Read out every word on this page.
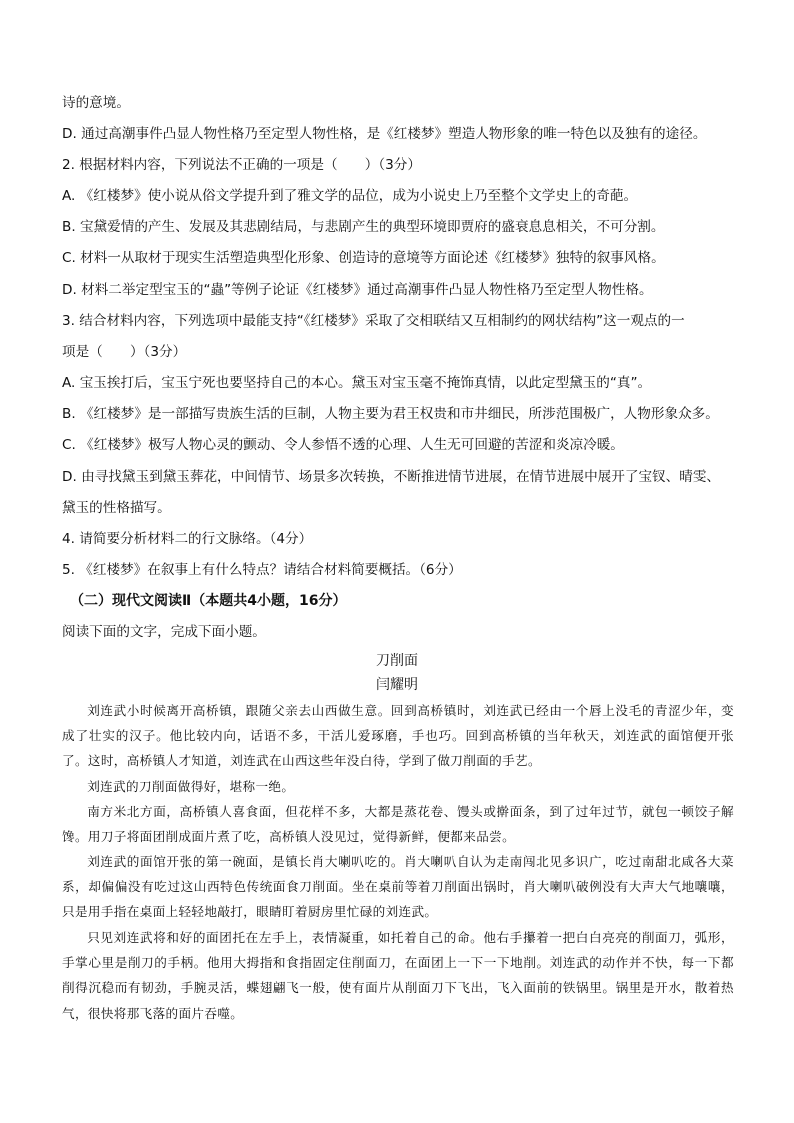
诗的意境。
D. 通过高潮事件凸显人物性格乃至定型人物性格，是《红楼梦》塑造人物形象的唯一特色以及独有的途径。
2. 根据材料内容，下列说法不正确的一项是（　　）（3分）
A. 《红楼梦》使小说从俗文学提升到了雅文学的品位，成为小说史上乃至整个文学史上的奇葩。
B. 宝黛爱情的产生、发展及其悲剧结局，与悲剧产生的典型环境即贾府的盛衰息息相关，不可分割。
C. 材料一从取材于现实生活塑造典型化形象、创造诗的意境等方面论述《红楼梦》独特的叙事风格。
D. 材料二举定型宝玉的“蟲”等例子论证《红楼梦》通过高潮事件凸显人物性格乃至定型人物性格。
3. 结合材料内容，下列选项中最能支持“《红楼梦》采取了交相联结又互相制约的网状结构”这一观点的一
项是（　　）（3分）
A. 宝玉挨打后，宝玉宁死也要坚持自己的本心。黛玉对宝玉毫不掩饰真情，以此定型黛玉的“真”。
B. 《红楼梦》是一部描写贵族生活的巨制，人物主要为君王权贵和市井细民，所涉范围极广，人物形象众多。
C. 《红楼梦》极写人物心灵的颤动、令人参悟不透的心理、人生无可回避的苦涩和炎凉冷暖。
D. 由寻找黛玉到黛玉葬花，中间情节、场景多次转换，不断推进情节进展，在情节进展中展开了宝钗、晴雯、
黛玉的性格描写。
4. 请简要分析材料二的行文脉络。（4分）
5. 《红楼梦》在叙事上有什么特点？请结合材料简要概括。（6分）
（二）现代文阅读Ⅱ（本题共4小题，16分）
阅读下面的文字，完成下面小题。
刀削面
闫耀明
刘连武小时候离开高桥镇，跟随父亲去山西做生意。回到高桥镇时，刘连武已经由一个唇上没毛的青涩少年，变成了壮实的汉子。他比较内向，话语不多，干活儿爱琢磨，手也巧。回到高桥镇的当年秋天，刘连武的面馆便开张了。这时，高桥镇人才知道，刘连武在山西这些年没白待，学到了做刀削面的手艺。
刘连武的刀削面做得好，堪称一绝。
南方米北方面，高桥镇人喜食面，但花样不多，大都是蒸花卷、馒头或擀面条，到了过年过节，就包一顿饺子解馋。用刀子将面团削成面片煮了吃，高桥镇人没见过，觉得新鲜，便都来品尝。
刘连武的面馆开张的第一碗面，是镇长肖大喇叭吃的。肖大喇叭自认为走南闯北见多识广，吃过南甜北咸各大菜系，却偏偏没有吃过这山西特色传统面食刀削面。坐在桌前等着刀削面出锅时，肖大喇叭破例没有大声大气地嚷嚷，只是用手指在桌面上轻轻地敲打，眼睛盯着厨房里忙碌的刘连武。
只见刘连武将和好的面团托在左手上，表情凝重，如托着自己的命。他右手攥着一把白白亮亮的削面刀，弧形，手掌心里是削刀的手柄。他用大拇指和食指固定住削面刀，在面团上一下一下地削。刘连武的动作并不快，每一下都削得沉稳而有韧劲，手腕灵活，蝶翅翩飞一般，使有面片从削面刀下飞出，飞入面前的铁锅里。锅里是开水，散着热气，很快将那飞落的面片吞噬。
